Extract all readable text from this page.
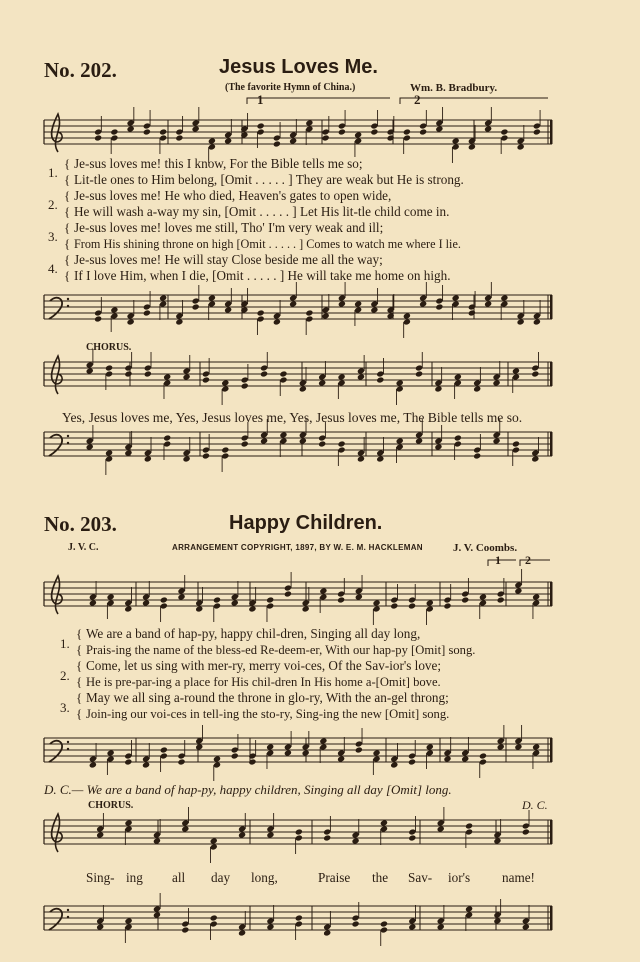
No. 202.	Jesus Loves Me.
(The favorite Hymn of China.)	Wm. B. Bradbury.
1	2
1.
{
{
Je-sus loves me! this I know, For the Bible tells me so;
Lit-tle ones to Him belong, [Omit . . . . . ] They are weak but He is strong.
2.
{
{
Je-sus loves me! He who died, Heaven's gates to open wide,
He will wash a-way my sin, [Omit . . . . . ] Let His lit-tle child come in.
3.
{
{
Je-sus loves me! loves me still, Tho' I'm very weak and ill;
From His shining throne on high [Omit . . . . . ] Comes to watch me where I lie.
4.
{
{
Je-sus loves me! He will stay Close beside me all the way;
If I love Him, when I die, [Omit . . . . . ] He will take me home on high.
CHORUS.
Yes, Jesus loves me, Yes, Jesus loves me, Yes, Jesus loves me, The Bible tells me so.
No. 203.	Happy Children.
J. V. C.	ARRANGEMENT COPYRIGHT, 1897, BY W. E. M. HACKLEMAN	J. V. Coombs.
1 2
1.
{
{
We are a band of hap-py, happy chil-dren, Singing all day long,
Prais-ing the name of the bless-ed Re-deem-er, With our hap-py [Omit] song.
2.
{
{
Come, let us sing with mer-ry, merry voi-ces, Of the Sav-ior's love;
He is pre-par-ing a place for His chil-dren In His home a-[Omit] bove.
3.
{
{
May we all sing a-round the throne in glo-ry, With the an-gel throng;
Join-ing our voi-ces in tell-ing the sto-ry, Sing-ing the new [Omit] song.
D. C.— We are a band of hap-py, happy children, Singing all day [Omit] long.
CHORUS.	D. C.
Sing- ing all day long,	Praise the Sav- ior's name!
